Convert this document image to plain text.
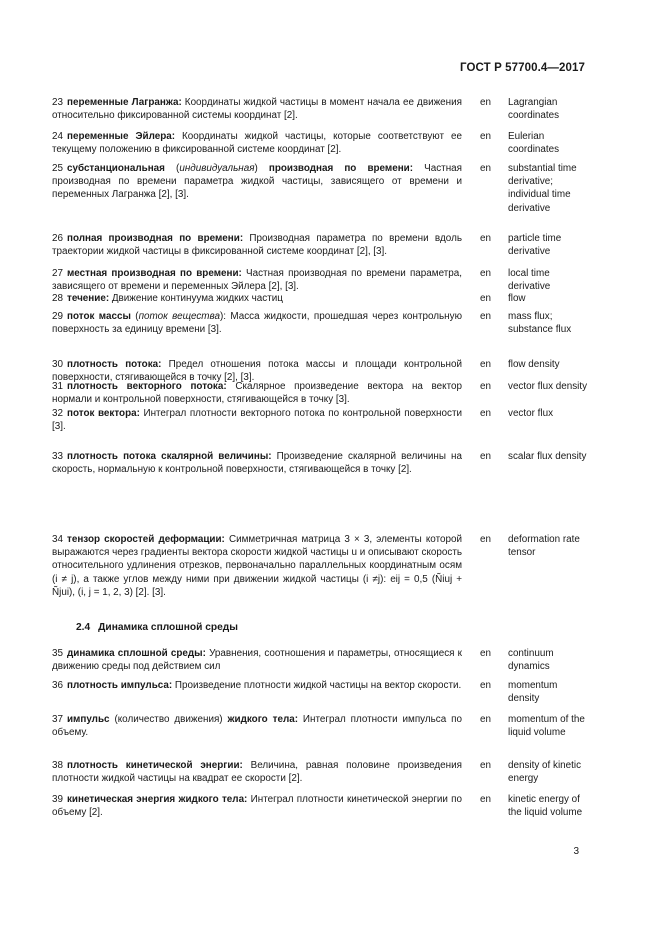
ГОСТ Р 57700.4—2017
23 переменные Лагранжа: Координаты жидкой частицы в момент начала ее движения относительно фиксированной системы координат [2].
en Lagrangian coordinates
24 переменные Эйлера: Координаты жидкой частицы, которые соответствуют ее текущему положению в фиксированной системе координат [2].
en Eulerian coordinates
25 субстанциональная (индивидуальная) производная по времени: Частная производная по времени параметра жидкой частицы, зависящего от времени и переменных Лагранжа [2], [3].
en substantial time derivative; individual time derivative
26 полная производная по времени: Производная параметра по времени вдоль траектории жидкой частицы в фиксированной системе координат [2], [3].
en particle time derivative
27 местная производная по времени: Частная производная по времени параметра, зависящего от времени и переменных Эйлера [2], [3].
en local time derivative
28 течение: Движение континуума жидких частиц	en flow
29 поток массы (поток вещества): Масса жидкости, прошедшая через контрольную поверхность за единицу времени [3].
en mass flux; substance flux
30 плотность потока: Предел отношения потока массы и площади контрольной поверхности, стягивающейся в точку [2], [3].
en flow density
31 плотность векторного потока: Скалярное произведение вектора на вектор нормали и контрольной поверхности, стягивающейся в точку [3].
en vector flux density
32 поток вектора: Интеграл плотности векторного потока по контрольной поверхности [3].
en vector flux
33 плотность потока скалярной величины: Произведение скалярной величины на скорость, нормальную к контрольной поверхности, стягивающейся в точку [2].
en scalar flux density
34 тензор скоростей деформации: Симметричная матрица 3 × 3, элементы которой выражаются через градиенты вектора скорости жидкой частицы u и описывают скорость относительного удлинения отрезков, первоначально параллельных координатным осям (i ≠ j), а также углов между ними при движении жидкой частицы (i ≠j): eij = 0,5 (Ñiuj + Ñjui), (i, j = 1, 2, 3) [2]. [3].
en deformation rate tensor
35 динамика сплошной среды: Уравнения, соотношения и параметры, относящиеся к движению среды под действием сил
en continuum dynamics
36 плотность импульса: Произведение плотности жидкой частицы на вектор скорости. en momentum density
37 импульс (количество движения) жидкого тела: Интеграл плотности импульса по объему.
en momentum of the liquid volume
38 плотность кинетической энергии: Величина, равная половине произведения плотности жидкой частицы на квадрат ее скорости [2].
en density of kinetic energy
39 кинетическая энергия жидкого тела: Интеграл плотности кинетической энергии по объему [2].
en kinetic energy of the liquid volume
2.4 Динамика сплошной среды
3
